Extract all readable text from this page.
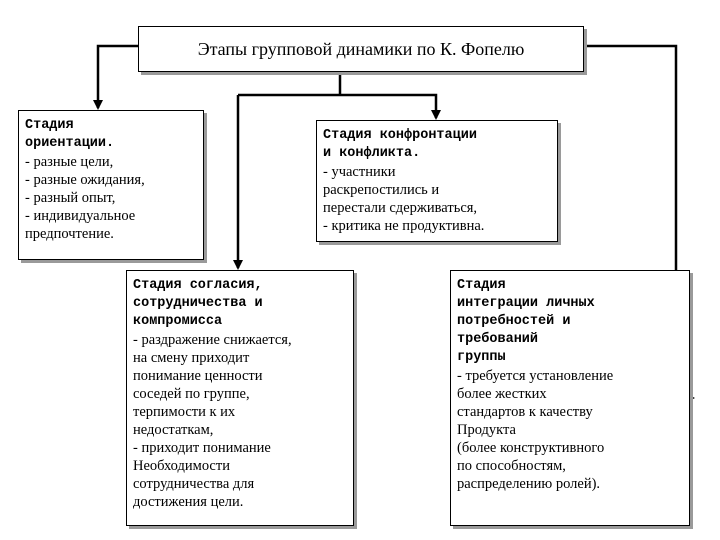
Этапы групповой динамики по К. Фопелю
Стадия
ориентации.
- разные цели,
- разные ожидания,
- разный опыт,
- индивидуальное
предпочтение.
Стадия конфронтации
и конфликта.
- участники
раскрепостились и
перестали сдерживаться,
- критика не продуктивна.
Стадия согласия,
сотрудничества и
компромисса
- раздражение снижается,
на смену приходит
понимание ценности
соседей по группе,
терпимости к их
недостаткам,
- приходит понимание
Необходимости
сотрудничества для
достижения цели.
Стадия
интеграции личных
потребностей и
требований
группы
- требуется установление
более жестких
стандартов к качеству
Продукта
(более конструктивного
по способностям,
распределению ролей).
